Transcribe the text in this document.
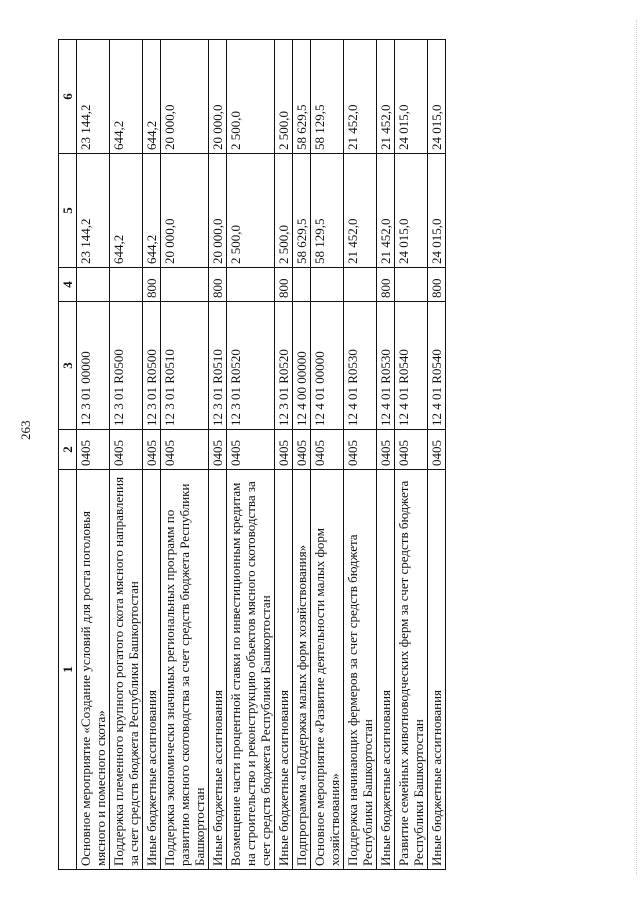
263
1	2	3	4	5	6
Основное мероприятие «Создание условий для роста поголовья мясного и помесного скота»	0405	12 3 01 00000		23 144,2	23 144,2
Поддержка племенного крупного рогатого скота мясного направления за счет средств бюджета Республики Башкортостан	0405	12 3 01 R0500		644,2	644,2
Иные бюджетные ассигнования	0405	12 3 01 R0500	800	644,2	644,2
Поддержка экономически значимых региональных программ по развитию мясного скотоводства за счет средств бюджета Республики Башкортостан	0405	12 3 01 R0510		20 000,0	20 000,0
Иные бюджетные ассигнования	0405	12 3 01 R0510	800	20 000,0	20 000,0
Возмещение части процентной ставки по инвестиционным кредитам на строительство и реконструкцию объектов мясного скотоводства за счет средств бюджета Республики Башкортостан	0405	12 3 01 R0520		2 500,0	2 500,0
Иные бюджетные ассигнования	0405	12 3 01 R0520	800	2 500,0	2 500,0
Подпрограмма «Поддержка малых форм хозяйствования»	0405	12 4 00 00000		58 629,5	58 629,5
Основное мероприятие «Развитие деятельности малых форм хозяйствования»	0405	12 4 01 00000		58 129,5	58 129,5
Поддержка начинающих фермеров за счет средств бюджета Республики Башкортостан	0405	12 4 01 R0530		21 452,0	21 452,0
Иные бюджетные ассигнования	0405	12 4 01 R0530	800	21 452,0	21 452,0
Развитие семейных животноводческих ферм за счет средств бюджета Республики Башкортостан	0405	12 4 01 R0540		24 015,0	24 015,0
Иные бюджетные ассигнования	0405	12 4 01 R0540	800	24 015,0	24 015,0
